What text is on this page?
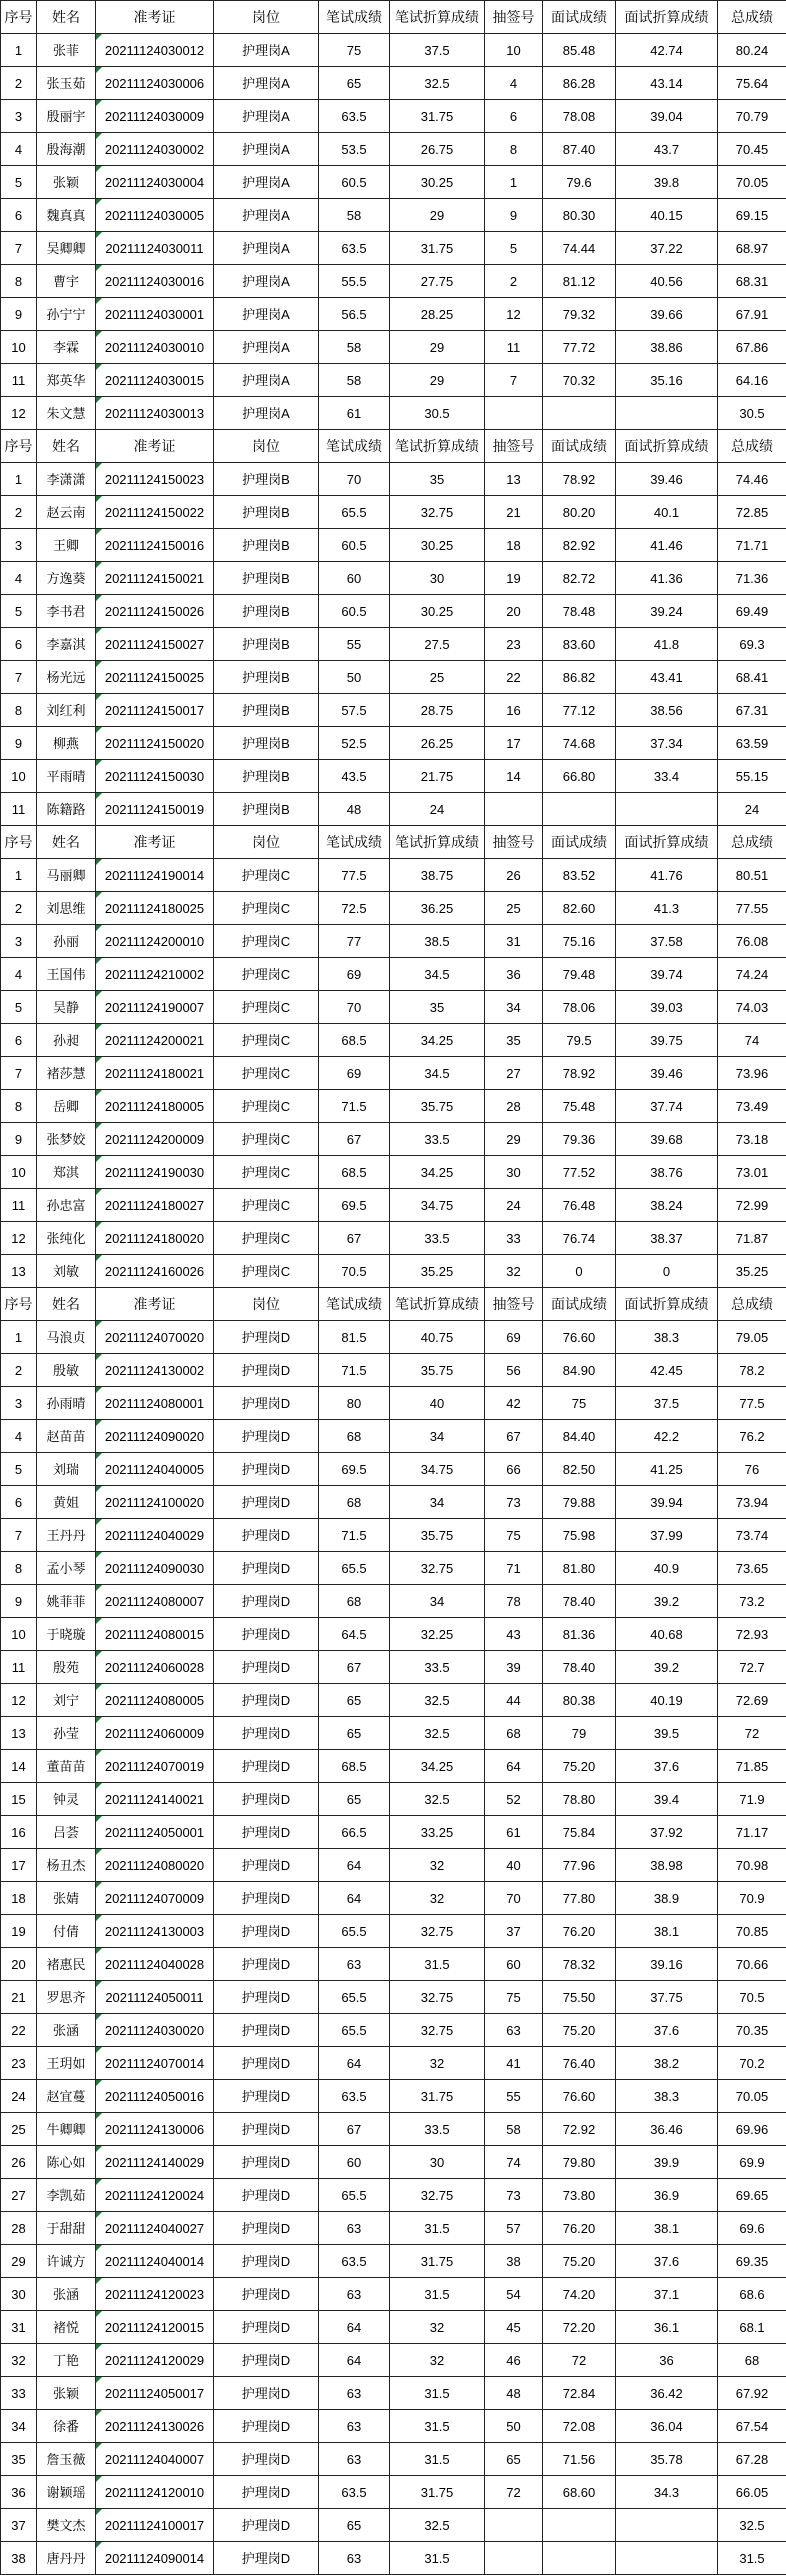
序号	姓名	准考证	岗位	笔试成绩	笔试折算成绩	抽签号	面试成绩	面试折算成绩	总成绩
1	张菲	20211124030012	护理岗A	75	37.5	10	85.48	42.74	80.24
2	张玉茹	20211124030006	护理岗A	65	32.5	4	86.28	43.14	75.64
3	殷丽宇	20211124030009	护理岗A	63.5	31.75	6	78.08	39.04	70.79
4	殷海潮	20211124030002	护理岗A	53.5	26.75	8	87.40	43.7	70.45
5	张颖	20211124030004	护理岗A	60.5	30.25	1	79.6	39.8	70.05
6	魏真真	20211124030005	护理岗A	58	29	9	80.30	40.15	69.15
7	吴卿卿	20211124030011	护理岗A	63.5	31.75	5	74.44	37.22	68.97
8	曹宇	20211124030016	护理岗A	55.5	27.75	2	81.12	40.56	68.31
9	孙宁宁	20211124030001	护理岗A	56.5	28.25	12	79.32	39.66	67.91
10	李霖	20211124030010	护理岗A	58	29	11	77.72	38.86	67.86
11	郑英华	20211124030015	护理岗A	58	29	7	70.32	35.16	64.16
12	朱文慧	20211124030013	护理岗A	61	30.5				30.5
序号	姓名	准考证	岗位	笔试成绩	笔试折算成绩	抽签号	面试成绩	面试折算成绩	总成绩
1	李潇潇	20211124150023	护理岗B	70	35	13	78.92	39.46	74.46
2	赵云南	20211124150022	护理岗B	65.5	32.75	21	80.20	40.1	72.85
3	王卿	20211124150016	护理岗B	60.5	30.25	18	82.92	41.46	71.71
4	方逸葵	20211124150021	护理岗B	60	30	19	82.72	41.36	71.36
5	李书君	20211124150026	护理岗B	60.5	30.25	20	78.48	39.24	69.49
6	李嘉淇	20211124150027	护理岗B	55	27.5	23	83.60	41.8	69.3
7	杨光远	20211124150025	护理岗B	50	25	22	86.82	43.41	68.41
8	刘红利	20211124150017	护理岗B	57.5	28.75	16	77.12	38.56	67.31
9	柳燕	20211124150020	护理岗B	52.5	26.25	17	74.68	37.34	63.59
10	平雨晴	20211124150030	护理岗B	43.5	21.75	14	66.80	33.4	55.15
11	陈籍路	20211124150019	护理岗B	48	24				24
序号	姓名	准考证	岗位	笔试成绩	笔试折算成绩	抽签号	面试成绩	面试折算成绩	总成绩
1	马丽卿	20211124190014	护理岗C	77.5	38.75	26	83.52	41.76	80.51
2	刘思维	20211124180025	护理岗C	72.5	36.25	25	82.60	41.3	77.55
3	孙丽	20211124200010	护理岗C	77	38.5	31	75.16	37.58	76.08
4	王国伟	20211124210002	护理岗C	69	34.5	36	79.48	39.74	74.24
5	吴静	20211124190007	护理岗C	70	35	34	78.06	39.03	74.03
6	孙昶	20211124200021	护理岗C	68.5	34.25	35	79.5	39.75	74
7	褚莎慧	20211124180021	护理岗C	69	34.5	27	78.92	39.46	73.96
8	岳卿	20211124180005	护理岗C	71.5	35.75	28	75.48	37.74	73.49
9	张梦姣	20211124200009	护理岗C	67	33.5	29	79.36	39.68	73.18
10	郑淇	20211124190030	护理岗C	68.5	34.25	30	77.52	38.76	73.01
11	孙忠富	20211124180027	护理岗C	69.5	34.75	24	76.48	38.24	72.99
12	张纯化	20211124180020	护理岗C	67	33.5	33	76.74	38.37	71.87
13	刘敏	20211124160026	护理岗C	70.5	35.25	32	0	0	35.25
序号	姓名	准考证	岗位	笔试成绩	笔试折算成绩	抽签号	面试成绩	面试折算成绩	总成绩
1	马浪贞	20211124070020	护理岗D	81.5	40.75	69	76.60	38.3	79.05
2	殷敏	20211124130002	护理岗D	71.5	35.75	56	84.90	42.45	78.2
3	孙雨晴	20211124080001	护理岗D	80	40	42	75	37.5	77.5
4	赵苗苗	20211124090020	护理岗D	68	34	67	84.40	42.2	76.2
5	刘瑞	20211124040005	护理岗D	69.5	34.75	66	82.50	41.25	76
6	黄姐	20211124100020	护理岗D	68	34	73	79.88	39.94	73.94
7	王丹丹	20211124040029	护理岗D	71.5	35.75	75	75.98	37.99	73.74
8	孟小琴	20211124090030	护理岗D	65.5	32.75	71	81.80	40.9	73.65
9	姚菲菲	20211124080007	护理岗D	68	34	78	78.40	39.2	73.2
10	于晓璇	20211124080015	护理岗D	64.5	32.25	43	81.36	40.68	72.93
11	殷苑	20211124060028	护理岗D	67	33.5	39	78.40	39.2	72.7
12	刘宁	20211124080005	护理岗D	65	32.5	44	80.38	40.19	72.69
13	孙莹	20211124060009	护理岗D	65	32.5	68	79	39.5	72
14	董苗苗	20211124070019	护理岗D	68.5	34.25	64	75.20	37.6	71.85
15	钟灵	20211124140021	护理岗D	65	32.5	52	78.80	39.4	71.9
16	吕荟	20211124050001	护理岗D	66.5	33.25	61	75.84	37.92	71.17
17	杨丑杰	20211124080020	护理岗D	64	32	40	77.96	38.98	70.98
18	张婧	20211124070009	护理岗D	64	32	70	77.80	38.9	70.9
19	付倩	20211124130003	护理岗D	65.5	32.75	37	76.20	38.1	70.85
20	褚惠民	20211124040028	护理岗D	63	31.5	60	78.32	39.16	70.66
21	罗思齐	20211124050011	护理岗D	65.5	32.75	75	75.50	37.75	70.5
22	张涵	20211124030020	护理岗D	65.5	32.75	63	75.20	37.6	70.35
23	王玥如	20211124070014	护理岗D	64	32	41	76.40	38.2	70.2
24	赵宜蔓	20211124050016	护理岗D	63.5	31.75	55	76.60	38.3	70.05
25	牛卿卿	20211124130006	护理岗D	67	33.5	58	72.92	36.46	69.96
26	陈心如	20211124140029	护理岗D	60	30	74	79.80	39.9	69.9
27	李凯茹	20211124120024	护理岗D	65.5	32.75	73	73.80	36.9	69.65
28	于甜甜	20211124040027	护理岗D	63	31.5	57	76.20	38.1	69.6
29	许诚方	20211124040014	护理岗D	63.5	31.75	38	75.20	37.6	69.35
30	张涵	20211124120023	护理岗D	63	31.5	54	74.20	37.1	68.6
31	褚悦	20211124120015	护理岗D	64	32	45	72.20	36.1	68.1
32	丁艳	20211124120029	护理岗D	64	32	46	72	36	68
33	张颖	20211124050017	护理岗D	63	31.5	48	72.84	36.42	67.92
34	徐番	20211124130026	护理岗D	63	31.5	50	72.08	36.04	67.54
35	詹玉薇	20211124040007	护理岗D	63	31.5	65	71.56	35.78	67.28
36	谢颖瑶	20211124120010	护理岗D	63.5	31.75	72	68.60	34.3	66.05
37	樊文杰	20211124100017	护理岗D	65	32.5				32.5
38	唐丹丹	20211124090014	护理岗D	63	31.5				31.5
